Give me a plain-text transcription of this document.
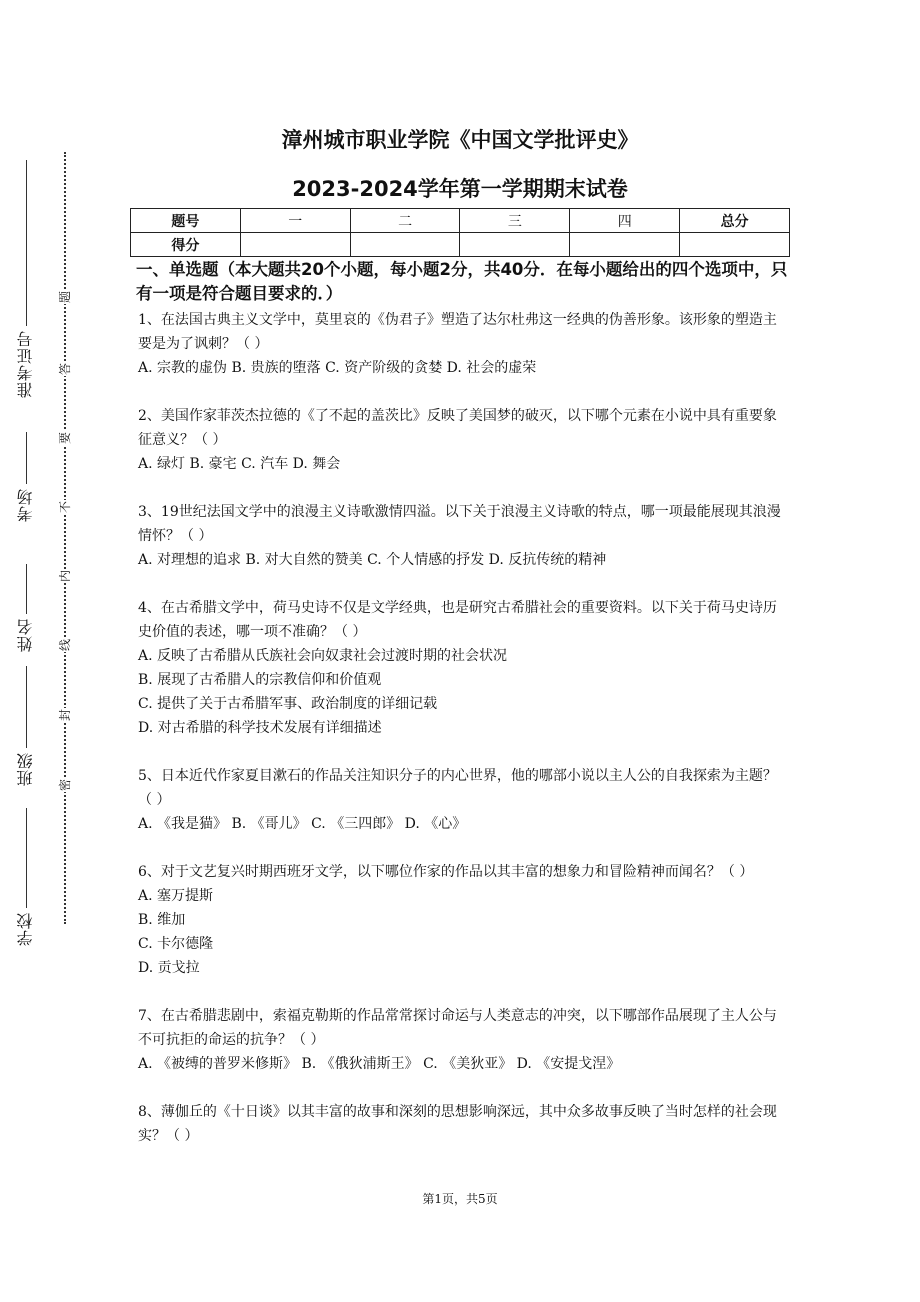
题
答
要
不
内
线
封
密
准考证号
考场
姓名
班级
学校
漳州城市职业学院《中国文学批评史》
2023-2024学年第一学期期末试卷
题号	一	二	三	四	总分
得分					
一、单选题（本大题共20个小题，每小题2分，共40分．在每小题给出的四个选项中，只有一项是符合题目要求的．）

1、在法国古典主义文学中，莫里哀的《伪君子》塑造了达尔杜弗这一经典的伪善形象。该形象的塑造主要是为了讽刺？（ ）

A. 宗教的虚伪 B. 贵族的堕落 C. 资产阶级的贪婪 D. 社会的虚荣

2、美国作家菲茨杰拉德的《了不起的盖茨比》反映了美国梦的破灭，以下哪个元素在小说中具有重要象征意义？（ ）

A. 绿灯 B. 豪宅 C. 汽车 D. 舞会

3、19世纪法国文学中的浪漫主义诗歌激情四溢。以下关于浪漫主义诗歌的特点，哪一项最能展现其浪漫情怀？（ ）

A. 对理想的追求 B. 对大自然的赞美 C. 个人情感的抒发 D. 反抗传统的精神

4、在古希腊文学中，荷马史诗不仅是文学经典，也是研究古希腊社会的重要资料。以下关于荷马史诗历史价值的表述，哪一项不准确？（ ）

A. 反映了古希腊从氏族社会向奴隶社会过渡时期的社会状况

B. 展现了古希腊人的宗教信仰和价值观

C. 提供了关于古希腊军事、政治制度的详细记载

D. 对古希腊的科学技术发展有详细描述

5、日本近代作家夏目漱石的作品关注知识分子的内心世界，他的哪部小说以主人公的自我探索为主题？（ ）

A. 《我是猫》 B. 《哥儿》 C. 《三四郎》 D. 《心》

6、对于文艺复兴时期西班牙文学，以下哪位作家的作品以其丰富的想象力和冒险精神而闻名？（ ）

A. 塞万提斯

B. 维加

C. 卡尔德隆

D. 贡戈拉

7、在古希腊悲剧中，索福克勒斯的作品常常探讨命运与人类意志的冲突，以下哪部作品展现了主人公与不可抗拒的命运的抗争？（ ）

A. 《被缚的普罗米修斯》 B. 《俄狄浦斯王》 C. 《美狄亚》 D. 《安提戈涅》

8、薄伽丘的《十日谈》以其丰富的故事和深刻的思想影响深远，其中众多故事反映了当时怎样的社会现实？（ ）

第1页，共5页
